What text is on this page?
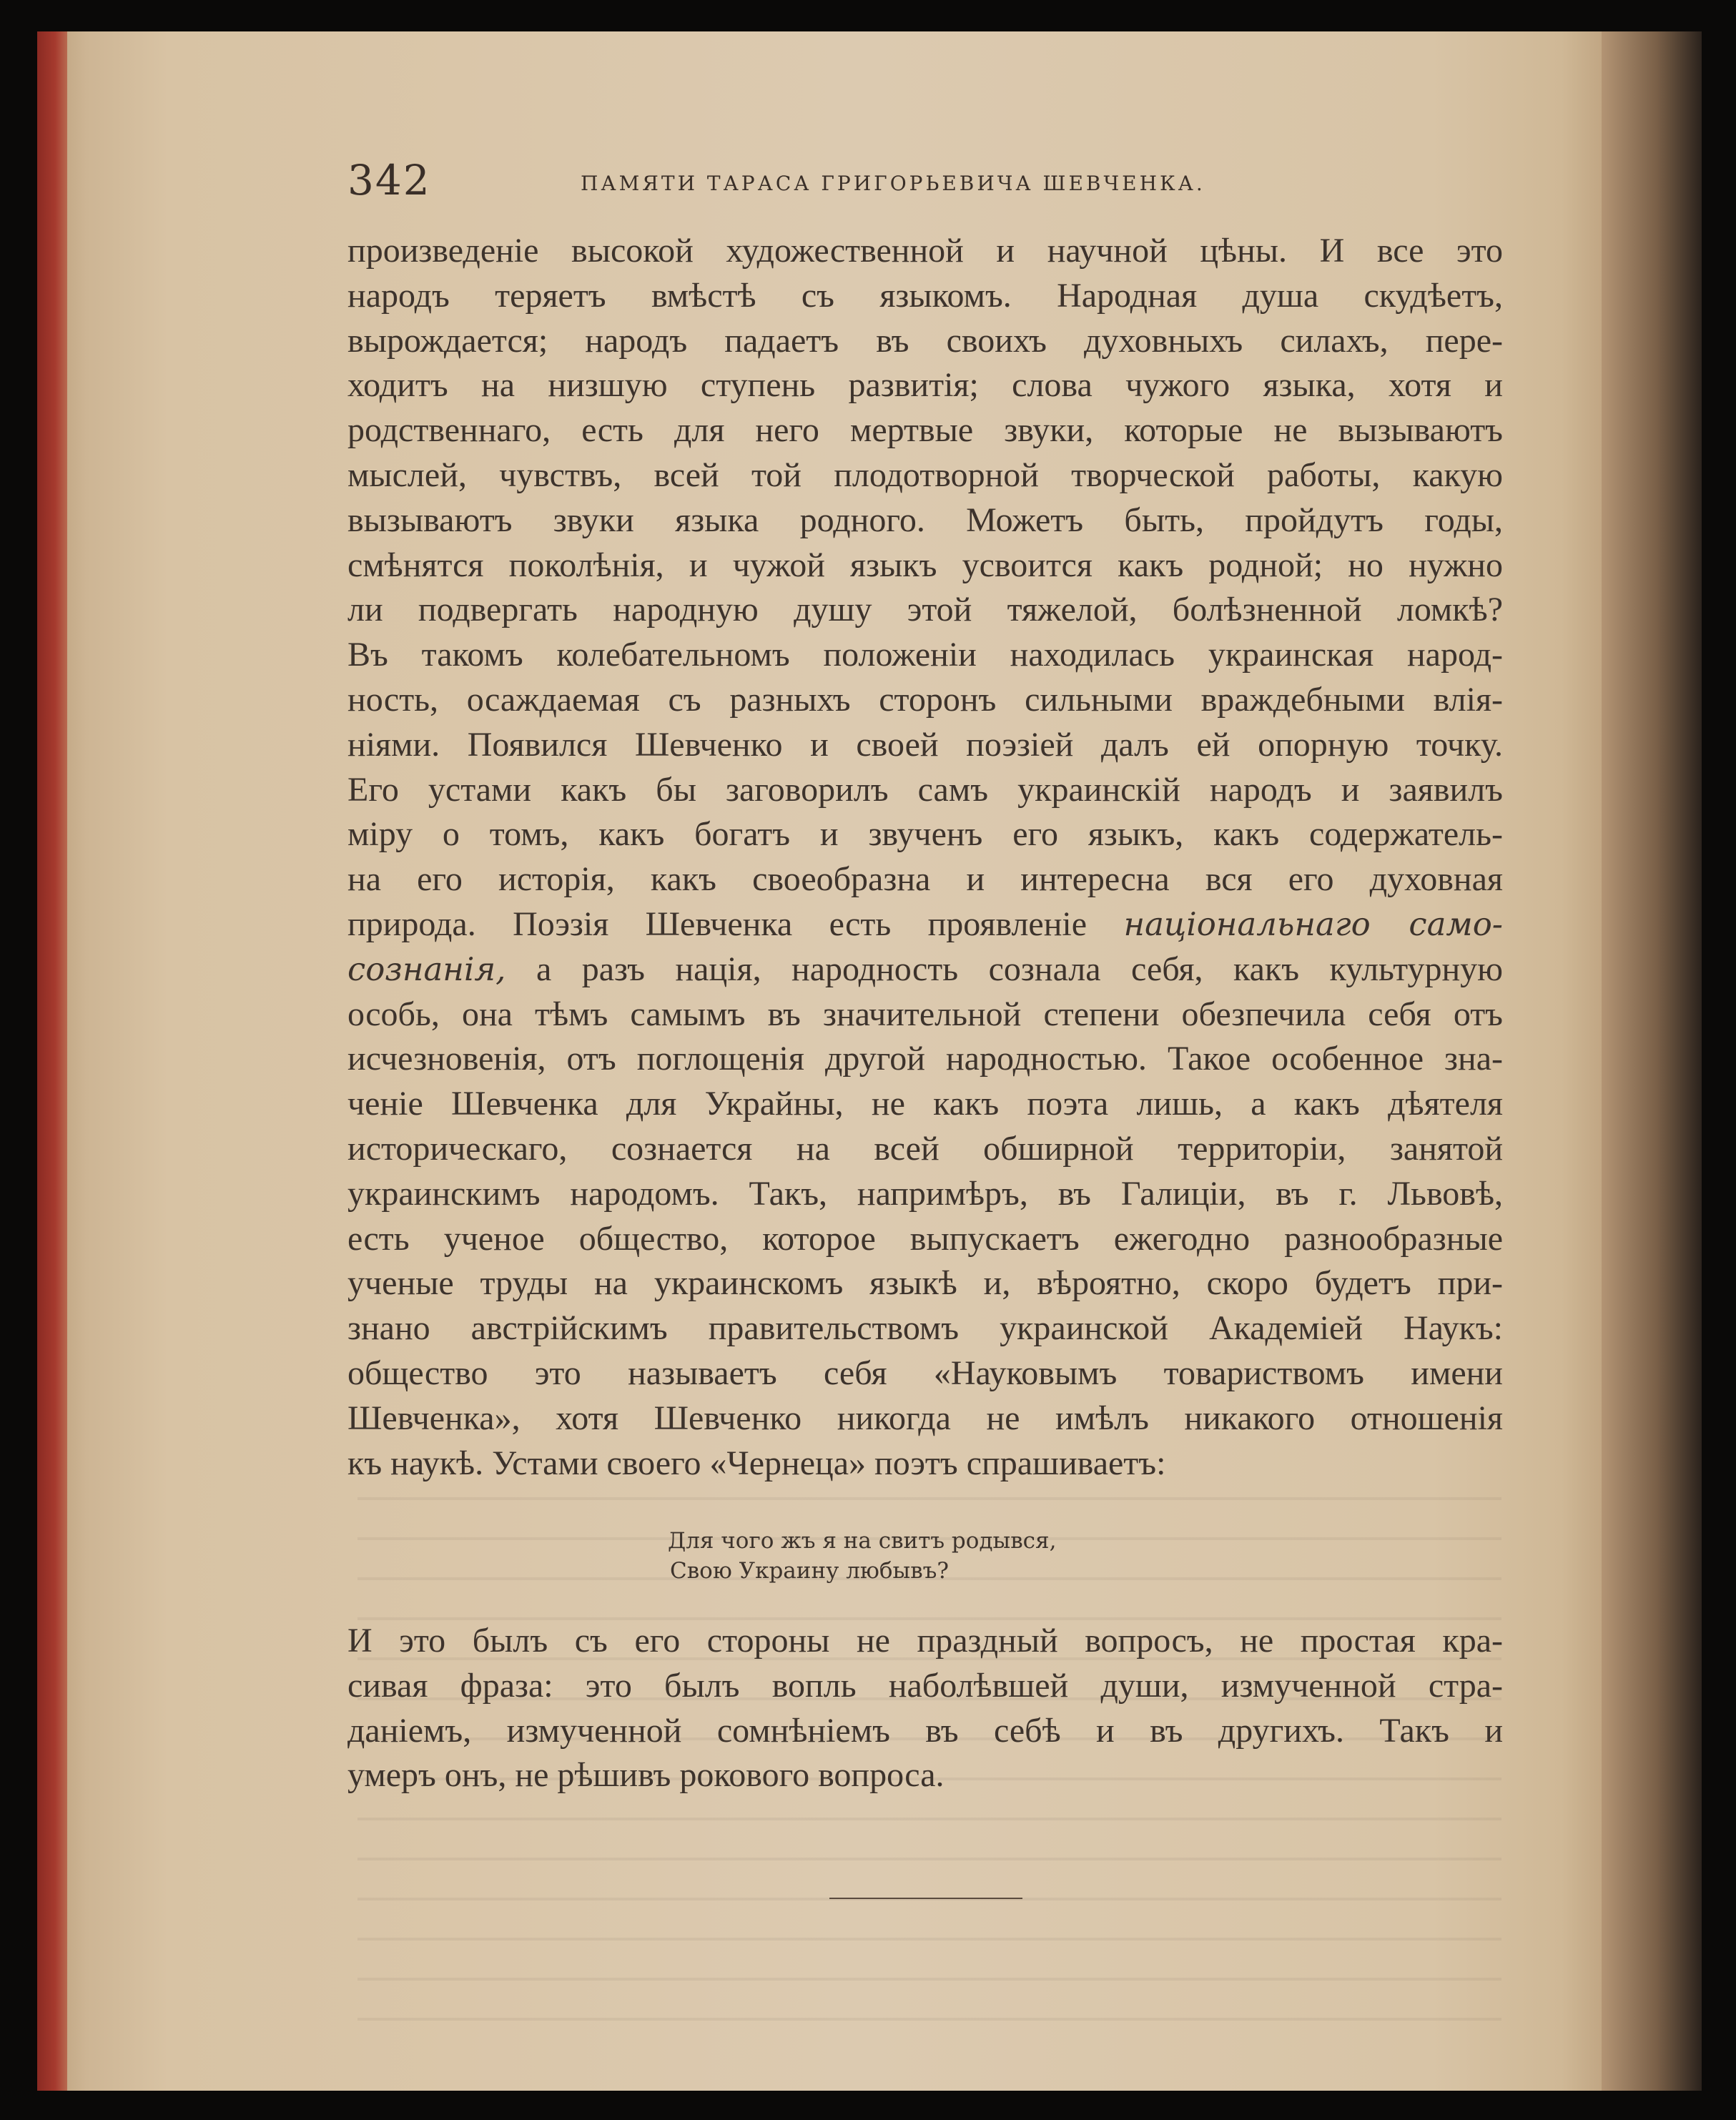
342	ПАМЯТИ ТАРАСА ГРИГОРЬЕВИЧА ШЕВЧЕНКА.
произведеніе высокой художественной и научной цѣны. И все это
народъ теряетъ вмѣстѣ съ языкомъ. Народная душа скудѣетъ,
вырождается; народъ падаетъ въ своихъ духовныхъ силахъ, пере-
ходитъ на низшую ступень развитія; слова чужого языка, хотя и
родственнаго, есть для него мертвые звуки, которые не вызываютъ
мыслей, чувствъ, всей той плодотворной творческой работы, какую
вызываютъ звуки языка родного. Можетъ быть, пройдутъ годы,
смѣнятся поколѣнія, и чужой языкъ усвоится какъ родной; но нужно
ли подвергать народную душу этой тяжелой, болѣзненной ломкѣ?
Въ такомъ колебательномъ положеніи находилась украинская народ-
ность, осаждаемая съ разныхъ сторонъ сильными враждебными влія-
ніями. Появился Шевченко и своей поэзіей далъ ей опорную точку.
Его устами какъ бы заговорилъ самъ украинскій народъ и заявилъ
міру о томъ, какъ богатъ и звученъ его языкъ, какъ содержатель-
на его исторія, какъ своеобразна и интересна вся его духовная
природа. Поэзія Шевченка есть проявленіе національнаго само-
сознанія, а разъ нація, народность сознала себя, какъ культурную
особь, она тѣмъ самымъ въ значительной степени обезпечила себя отъ
исчезновенія, отъ поглощенія другой народностью. Такое особенное зна-
ченіе Шевченка для Украйны, не какъ поэта лишь, а какъ дѣятеля
историческаго, сознается на всей обширной территоріи, занятой
украинскимъ народомъ. Такъ, напримѣръ, въ Галиціи, въ г. Львовѣ,
есть ученое общество, которое выпускаетъ ежегодно разнообразные
ученые труды на украинскомъ языкѣ и, вѣроятно, скоро будетъ при-
знано австрійскимъ правительствомъ украинской Академіей Наукъ:
общество это называетъ себя «Науковымъ товариствомъ имени
Шевченка», хотя Шевченко никогда не имѣлъ никакого отношенія
къ наукѣ. Устами своего «Чернеца» поэтъ спрашиваетъ:
Для чого жъ я на свитъ родывся,
Свою Украину любывъ?
И это былъ съ его стороны не праздный вопросъ, не простая кра-
сивая фраза: это былъ вопль наболѣвшей души, измученной стра-
даніемъ, измученной сомнѣніемъ въ себѣ и въ другихъ. Такъ и
умеръ онъ, не рѣшивъ рокового вопроса.
